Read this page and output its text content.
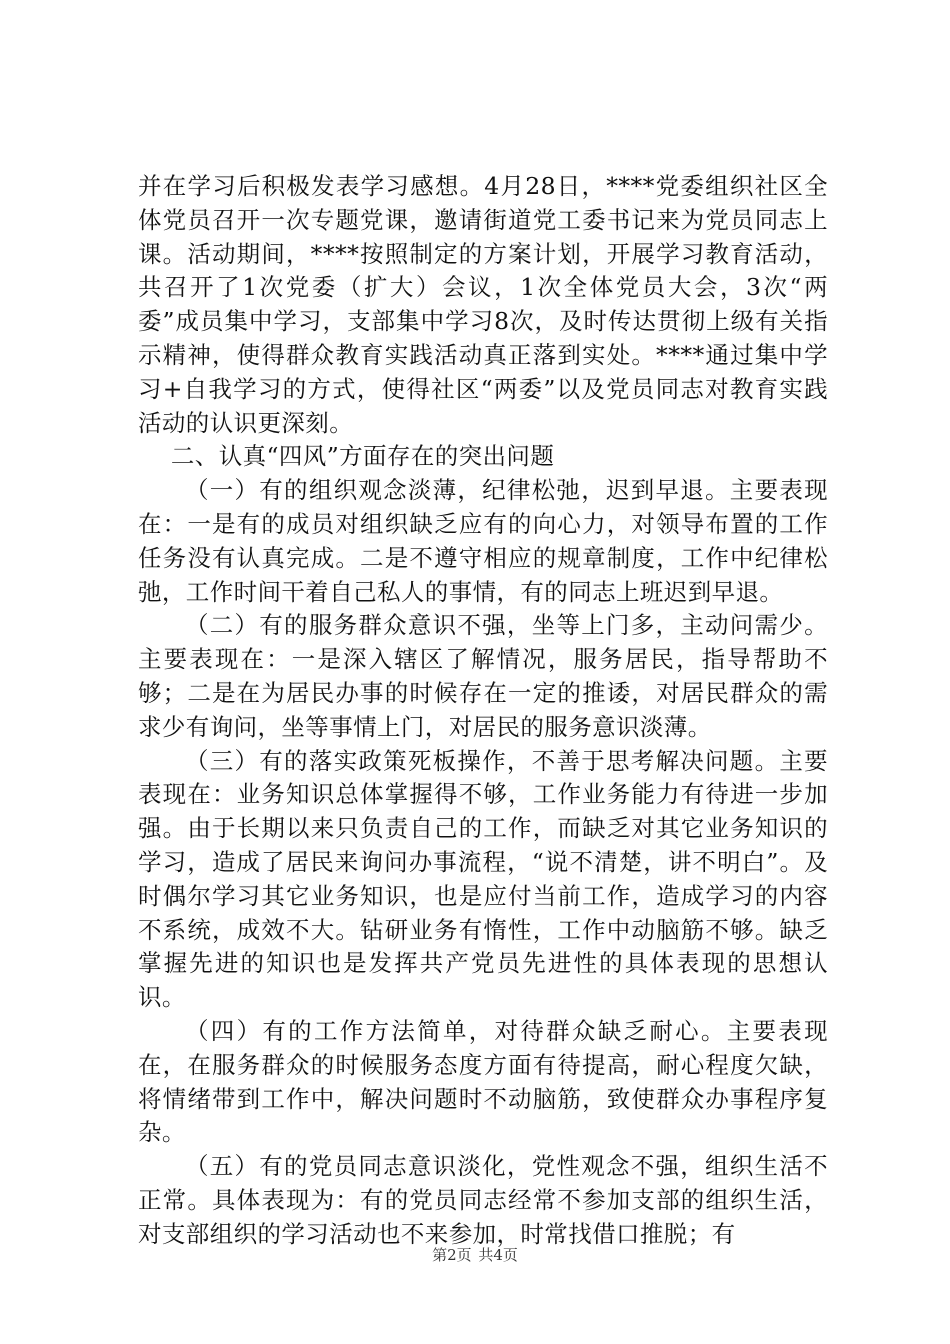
并在学习后积极发表学习感想。4月28日，****党委组织社区全体党员召开一次专题党课，邀请街道党工委书记来为党员同志上课。活动期间，****按照制定的方案计划，开展学习教育活动，共召开了1次党委（扩大）会议，1次全体党员大会，3次“两委”成员集中学习，支部集中学习8次，及时传达贯彻上级有关指示精神，使得群众教育实践活动真正落到实处。****通过集中学习+自我学习的方式，使得社区“两委”以及党员同志对教育实践活动的认识更深刻。

二、认真“四风”方面存在的突出问题

（一）有的组织观念淡薄，纪律松弛，迟到早退。主要表现在：一是有的成员对组织缺乏应有的向心力，对领导布置的工作任务没有认真完成。二是不遵守相应的规章制度，工作中纪律松弛，工作时间干着自己私人的事情，有的同志上班迟到早退。

（二）有的服务群众意识不强，坐等上门多，主动问需少。主要表现在：一是深入辖区了解情况，服务居民，指导帮助不够；二是在为居民办事的时候存在一定的推诿，对居民群众的需求少有询问，坐等事情上门，对居民的服务意识淡薄。

（三）有的落实政策死板操作，不善于思考解决问题。主要表现在：业务知识总体掌握得不够，工作业务能力有待进一步加强。由于长期以来只负责自己的工作，而缺乏对其它业务知识的学习，造成了居民来询问办事流程，“说不清楚，讲不明白”。及时偶尔学习其它业务知识，也是应付当前工作，造成学习的内容不系统，成效不大。钻研业务有惰性，工作中动脑筋不够。缺乏掌握先进的知识也是发挥共产党员先进性的具体表现的思想认识。

（四）有的工作方法简单，对待群众缺乏耐心。主要表现在，在服务群众的时候服务态度方面有待提高，耐心程度欠缺，将情绪带到工作中，解决问题时不动脑筋，致使群众办事程序复杂。

（五）有的党员同志意识淡化，党性观念不强，组织生活不正常。具体表现为：有的党员同志经常不参加支部的组织生活，对支部组织的学习活动也不来参加，时常找借口推脱；有

第2页 共4页
